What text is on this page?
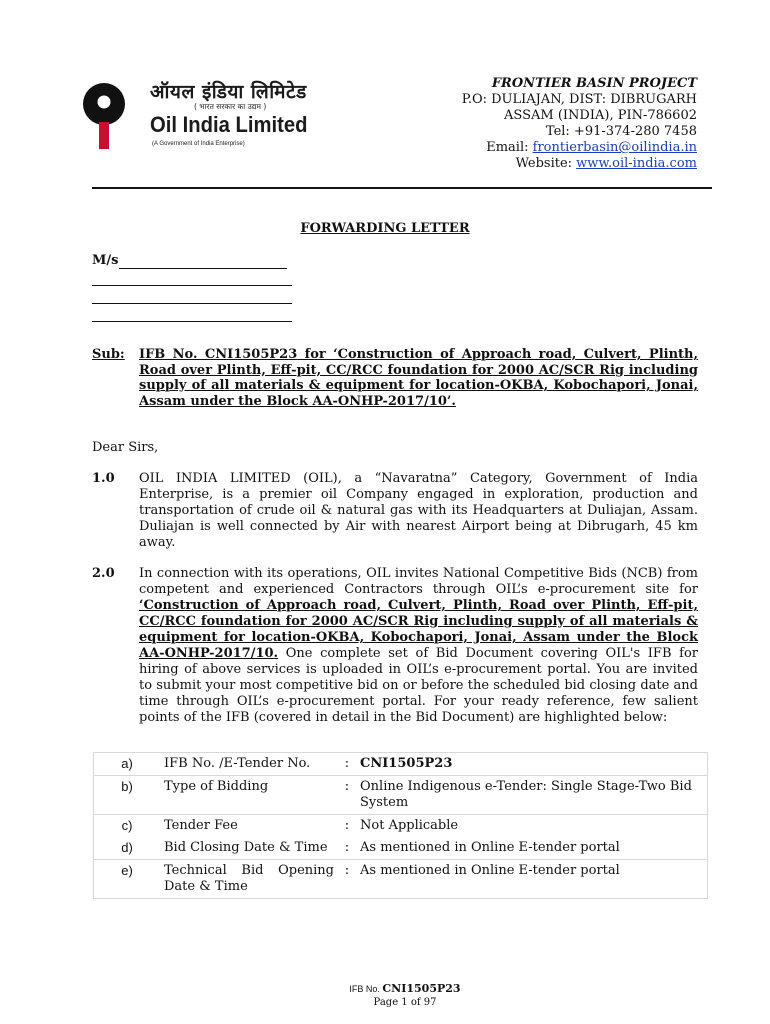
ऑयल इंडिया लिमिटेड
( भारत सरकार का उद्यम )
Oil India Limited
(A Government of India Enterprise)
FRONTIER BASIN PROJECT
P.O: DULIAJAN, DIST: DIBRUGARH
ASSAM (INDIA), PIN-786602
Tel: +91-374-280 7458
Email: frontierbasin@oilindia.in
Website: www.oil-india.com
FORWARDING LETTER
M/s
Sub: IFB No. CNI1505P23 for ‘Construction of Approach road, Culvert, Plinth, Road over Plinth, Eff-pit, CC/RCC foundation for 2000 AC/SCR Rig including supply of all materials & equipment for location-OKBA, Kobochapori, Jonai, Assam under the Block AA-ONHP-2017/10’.
Dear Sirs,
1.0 OIL INDIA LIMITED (OIL), a “Navaratna” Category, Government of India Enterprise, is a premier oil Company engaged in exploration, production and transportation of crude oil & natural gas with its Headquarters at Duliajan, Assam. Duliajan is well connected by Air with nearest Airport being at Dibrugarh, 45 km away.
2.0 In connection with its operations, OIL invites National Competitive Bids (NCB) from competent and experienced Contractors through OIL’s e-procurement site for ‘Construction of Approach road, Culvert, Plinth, Road over Plinth, Eff-pit, CC/RCC foundation for 2000 AC/SCR Rig including supply of all materials & equipment for location-OKBA, Kobochapori, Jonai, Assam under the Block AA-ONHP-2017/10. One complete set of Bid Document covering OIL's IFB for hiring of above services is uploaded in OIL’s e-procurement portal. You are invited to submit your most competitive bid on or before the scheduled bid closing date and time through OIL’s e-procurement portal. For your ready reference, few salient points of the IFB (covered in detail in the Bid Document) are highlighted below:
a)	IFB No. /E-Tender No.	:	CNI1505P23
b)	Type of Bidding	:	Online Indigenous e-Tender: Single Stage-Two Bid System
c)	Tender Fee	:	Not Applicable
d)	Bid Closing Date & Time	:	As mentioned in Online E-tender portal
e)	Technical Bid Opening Date & Time	:	As mentioned in Online E-tender portal
IFB No. CNI1505P23
Page 1 of 97
